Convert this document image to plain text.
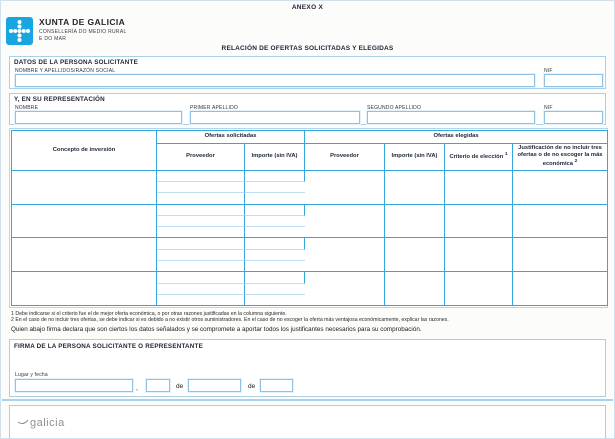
ANEXO X
XUNTA DE GALICIA
CONSELLERÍA DO MEDIO RURAL
E DO MAR
RELACIÓN DE OFERTAS SOLICITADAS Y ELEGIDAS
DATOS DE LA PERSONA SOLICITANTE
NOMBRE Y APELLIDOS/RAZÓN SOCIAL	NIF
Y, EN SU REPRESENTACIÓN
NOMBRE	PRIMER APELLIDO	SEGUNDO APELLIDO	NIF
Concepto de inversión	Ofertas solicitadas		Ofertas elegidas			
	Proveedor	Importe (sin IVA)	Proveedor	Importe (sin IVA)	Criterio de elección $^1$	Justificación de no incluir tres ofertas o de no escoger la más económica $^2$

1 Debe indicarse si el criterio fue el de mejor oferta económica, o por otras razones justificadas en la columna siguiente.
2 En el caso de no incluir tres ofertas, se debe indicar si es debido a no existir otros suministradores. En el caso de no escoger la oferta más ventajosa económicamente, explicar las razones.
Quien abajo firma declara que son ciertos los datos señalados y se compromete a aportar todos los justificantes necesarios para su comprobación.
FIRMA DE LA PERSONA SOLICITANTE O REPRESENTANTE
Lugar y fecha
,	de	de
galicia
